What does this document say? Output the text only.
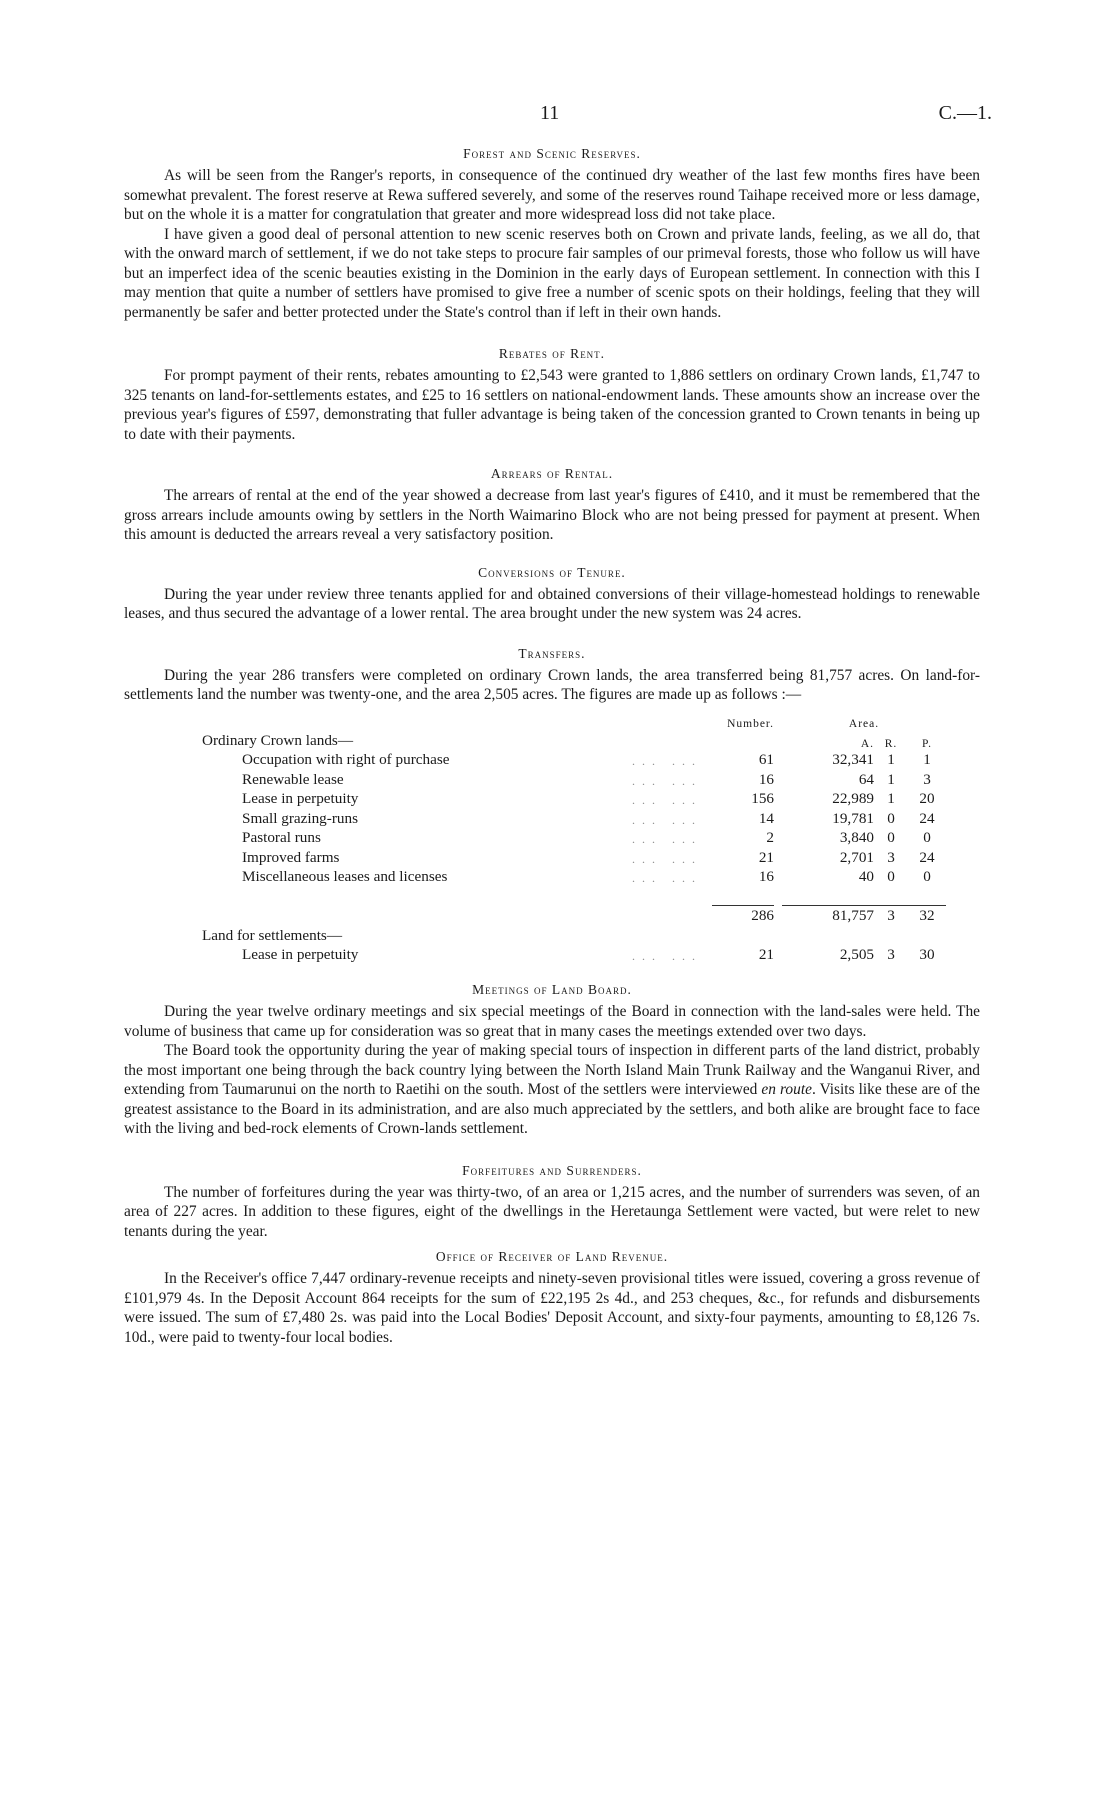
11	C.—1.
Forest and Scenic Reserves.

As will be seen from the Ranger's reports, in consequence of the continued dry weather of the last few months fires have been somewhat prevalent. The forest reserve at Rewa suffered severely, and some of the reserves round Taihape received more or less damage, but on the whole it is a matter for congratulation that greater and more widespread loss did not take place.

I have given a good deal of personal attention to new scenic reserves both on Crown and private lands, feeling, as we all do, that with the onward march of settlement, if we do not take steps to procure fair samples of our primeval forests, those who follow us will have but an imperfect idea of the scenic beauties existing in the Dominion in the early days of European settlement. In connection with this I may mention that quite a number of settlers have promised to give free a number of scenic spots on their holdings, feeling that they will permanently be safer and better protected under the State's control than if left in their own hands.

Rebates of Rent.

For prompt payment of their rents, rebates amounting to £2,543 were granted to 1,886 settlers on ordinary Crown lands, £1,747 to 325 tenants on land-for-settlements estates, and £25 to 16 settlers on national-endowment lands. These amounts show an increase over the previous year's figures of £597, demonstrating that fuller advantage is being taken of the concession granted to Crown tenants in being up to date with their payments.

Arrears of Rental.

The arrears of rental at the end of the year showed a decrease from last year's figures of £410, and it must be remembered that the gross arrears include amounts owing by settlers in the North Waimarino Block who are not being pressed for payment at present. When this amount is deducted the arrears reveal a very satisfactory position.

Conversions of Tenure.

During the year under review three tenants applied for and obtained conversions of their village-homestead holdings to renewable leases, and thus secured the advantage of a lower rental. The area brought under the new system was 24 acres.

Transfers.

During the year 286 transfers were completed on ordinary Crown lands, the area transferred being 81,757 acres. On land-for-settlements land the number was twenty-one, and the area 2,505 acres. The figures are made up as follows :—

		Number.	Area.		
Ordinary Crown lands—			A.	R.	P.
Occupation with right of purchase	. . .   . . .	61	32,341	1	1
Renewable lease	. . .   . . .	16	64	1	3
Lease in perpetuity	. . .   . . .	156	22,989	1	20
Small grazing-runs	. . .   . . .	14	19,781	0	24
Pastoral runs	. . .   . . .	2	3,840	0	0
Improved farms	. . .   . . .	21	2,701	3	24
Miscellaneous leases and licenses	. . .   . . .	16	40	0	0

		286	81,757	3	32
Land for settlements—					
Lease in perpetuity	. . .   . . .	21	2,505	3	30
Meetings of Land Board.

During the year twelve ordinary meetings and six special meetings of the Board in connection with the land-sales were held. The volume of business that came up for consideration was so great that in many cases the meetings extended over two days.

The Board took the opportunity during the year of making special tours of inspection in different parts of the land district, probably the most important one being through the back country lying between the North Island Main Trunk Railway and the Wanganui River, and extending from Taumarunui on the north to Raetihi on the south. Most of the settlers were interviewed en route. Visits like these are of the greatest assistance to the Board in its administration, and are also much appreciated by the settlers, and both alike are brought face to face with the living and bed-rock elements of Crown-lands settlement.

Forfeitures and Surrenders.

The number of forfeitures during the year was thirty-two, of an area or 1,215 acres, and the number of surrenders was seven, of an area of 227 acres. In addition to these figures, eight of the dwellings in the Heretaunga Settlement were vacted, but were relet to new tenants during the year.

Office of Receiver of Land Revenue.

In the Receiver's office 7,447 ordinary-revenue receipts and ninety-seven provisional titles were issued, covering a gross revenue of £101,979 4s. In the Deposit Account 864 receipts for the sum of £22,195 2s 4d., and 253 cheques, &c., for refunds and disbursements were issued. The sum of £7,480 2s. was paid into the Local Bodies' Deposit Account, and sixty-four payments, amounting to £8,126 7s. 10d., were paid to twenty-four local bodies.
